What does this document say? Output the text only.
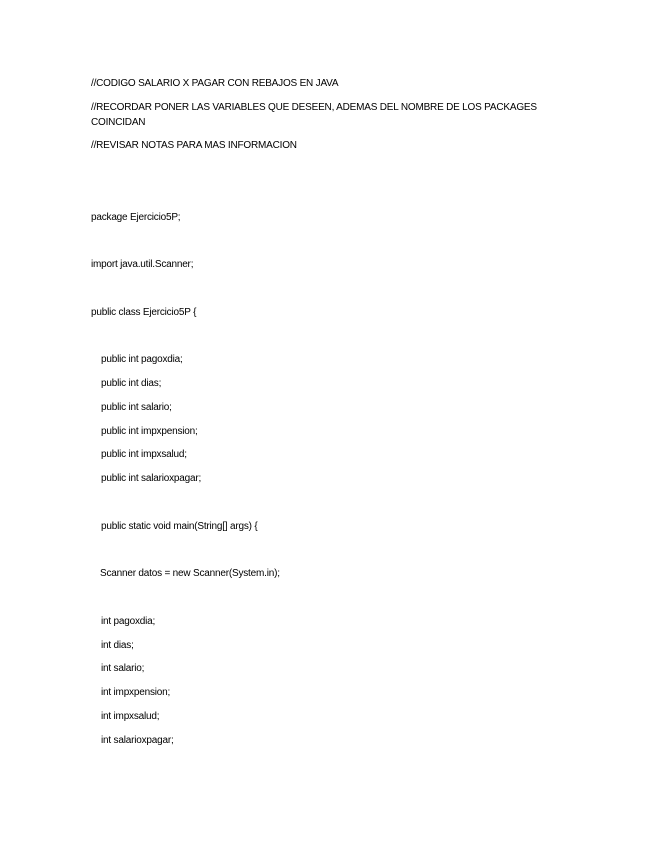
//CODIGO SALARIO X PAGAR CON REBAJOS EN JAVA
//RECORDAR PONER LAS VARIABLES QUE DESEEN, ADEMAS DEL NOMBRE DE LOS PACKAGES COINCIDAN
//REVISAR NOTAS PARA MAS INFORMACION
package Ejercicio5P;
import java.util.Scanner;
public class Ejercicio5P {
public int pagoxdia;
public int dias;
public int salario;
public int impxpension;
public int impxsalud;
public int salarioxpagar;
public static void main(String[] args) {
Scanner datos = new Scanner(System.in);
int pagoxdia;
int dias;
int salario;
int impxpension;
int impxsalud;
int salarioxpagar;
